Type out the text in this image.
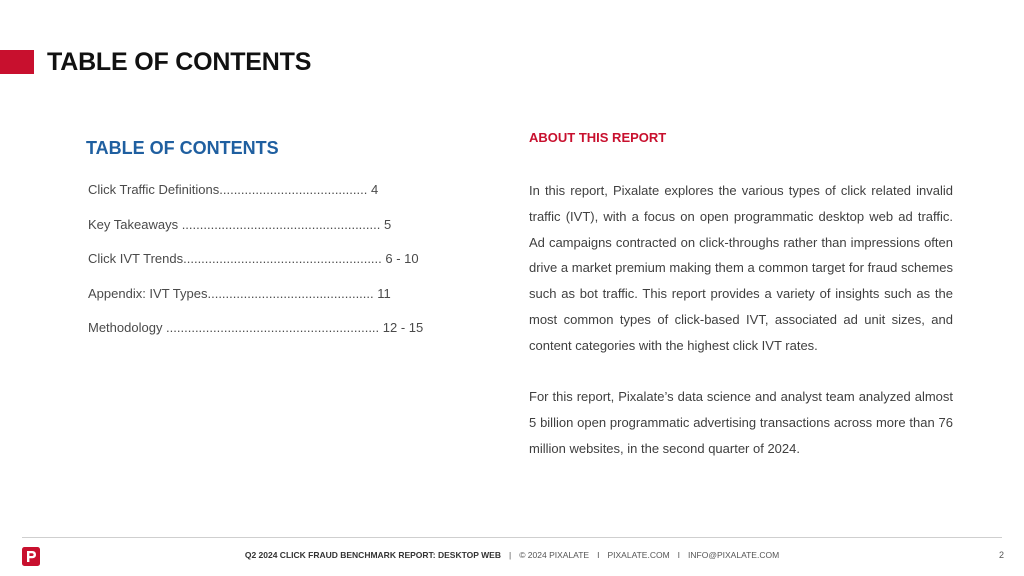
TABLE OF CONTENTS
TABLE OF CONTENTS
Click Traffic Definitions......................................... 4
Key Takeaways ....................................................... 5
Click IVT Trends....................................................... 6 - 10
Appendix: IVT Types.............................................. 11
Methodology ........................................................... 12 - 15
ABOUT THIS REPORT

In this report, Pixalate explores the various types of click related invalid traffic (IVT), with a focus on open programmatic desktop web ad traffic. Ad campaigns contracted on click-throughs rather than impressions often drive a market premium making them a common target for fraud schemes such as bot traffic. This report provides a variety of insights such as the most common types of click-based IVT, associated ad unit sizes, and content categories with the highest click IVT rates.

For this report, Pixalate’s data science and analyst team analyzed almost 5 billion open programmatic advertising transactions across more than 76 million websites, in the second quarter of 2024.

Q2 2024 CLICK FRAUD BENCHMARK REPORT: DESKTOP WEB | © 2024 PIXALATE I PIXALATE.COM I INFO@PIXALATE.COM	2
